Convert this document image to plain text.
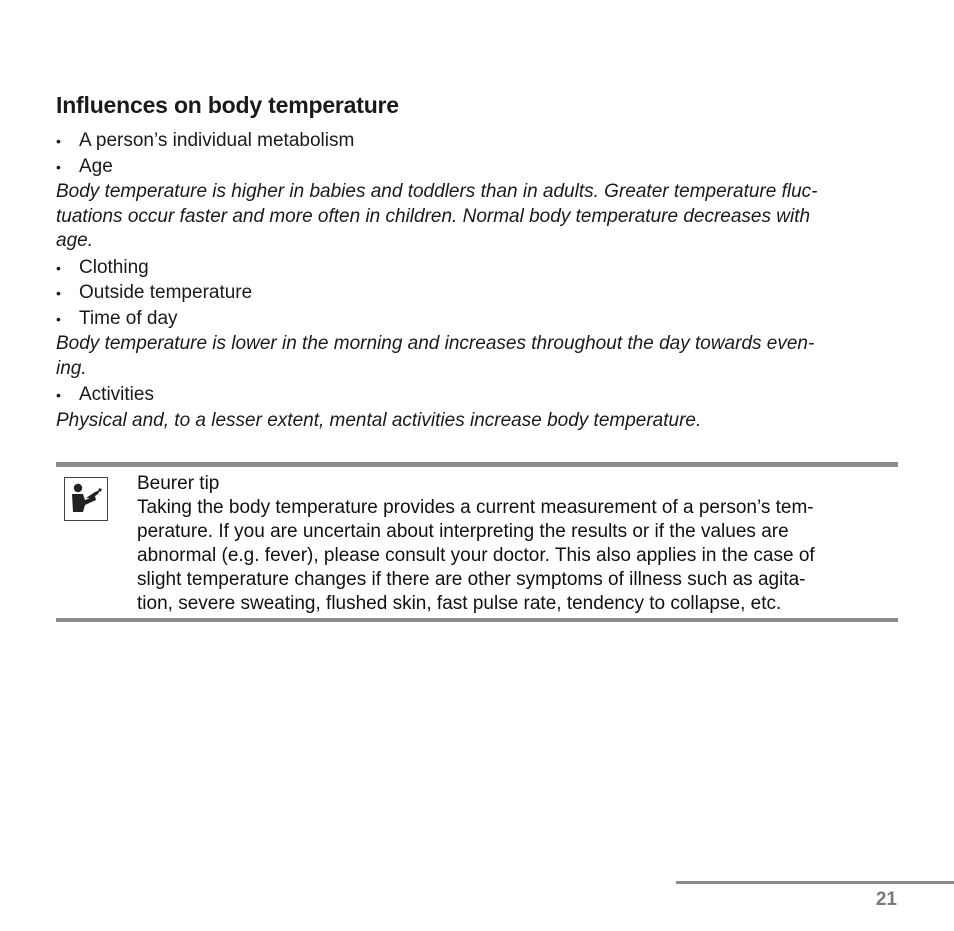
Influences on body temperature
• A person’s individual metabolism
• Age
Body temperature is higher in babies and toddlers than in adults. Greater temperature fluc-
tuations occur faster and more often in children. Normal body temperature decreases with
age.
• Clothing
• Outside temperature
• Time of day
Body temperature is lower in the morning and increases throughout the day towards even-
ing.
• Activities
Physical and, to a lesser extent, mental activities increase body temperature.
Beurer tip
Taking the body temperature provides a current measurement of a person’s tem-
perature. If you are uncertain about interpreting the results or if the values are
abnormal (e.g. fever), please consult your doctor. This also applies in the case of
slight temperature changes if there are other symptoms of illness such as agita-
tion, severe sweating, flushed skin, fast pulse rate, tendency to collapse, etc.
21
